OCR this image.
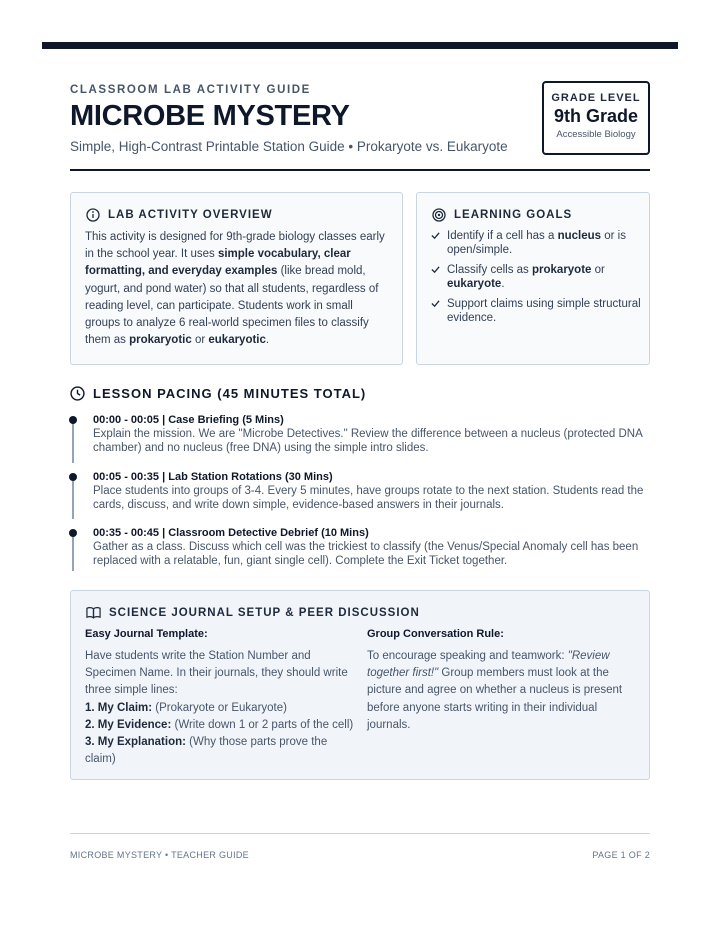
CLASSROOM LAB ACTIVITY GUIDE
MICROBE MYSTERY
Simple, High-Contrast Printable Station Guide • Prokaryote vs. Eukaryote
GRADE LEVEL
9th Grade
Accessible Biology
LAB ACTIVITY OVERVIEW
This activity is designed for 9th-grade biology classes early in the school year. It uses simple vocabulary, clear formatting, and everyday examples (like bread mold, yogurt, and pond water) so that all students, regardless of reading level, can participate. Students work in small groups to analyze 6 real-world specimen files to classify them as prokaryotic or eukaryotic.
LEARNING GOALS
Identify if a cell has a nucleus or is open/simple.
Classify cells as prokaryote or eukaryote.
Support claims using simple structural evidence.
LESSON PACING (45 MINUTES TOTAL)
00:00 - 00:05 | Case Briefing (5 Mins)
Explain the mission. We are "Microbe Detectives." Review the difference between a nucleus (protected DNA chamber) and no nucleus (free DNA) using the simple intro slides.
00:05 - 00:35 | Lab Station Rotations (30 Mins)
Place students into groups of 3-4. Every 5 minutes, have groups rotate to the next station. Students read the cards, discuss, and write down simple, evidence-based answers in their journals.
00:35 - 00:45 | Classroom Detective Debrief (10 Mins)
Gather as a class. Discuss which cell was the trickiest to classify (the Venus/Special Anomaly cell has been replaced with a relatable, fun, giant single cell). Complete the Exit Ticket together.
SCIENCE JOURNAL SETUP & PEER DISCUSSION
Easy Journal Template:
Have students write the Station Number and Specimen Name. In their journals, they should write three simple lines:
1. My Claim: (Prokaryote or Eukaryote)
2. My Evidence: (Write down 1 or 2 parts of the cell)
3. My Explanation: (Why those parts prove the claim)
Group Conversation Rule:
To encourage speaking and teamwork: "Review together first!" Group members must look at the picture and agree on whether a nucleus is present before anyone starts writing in their individual journals.
MICROBE MYSTERY • TEACHER GUIDE	PAGE 1 OF 2
